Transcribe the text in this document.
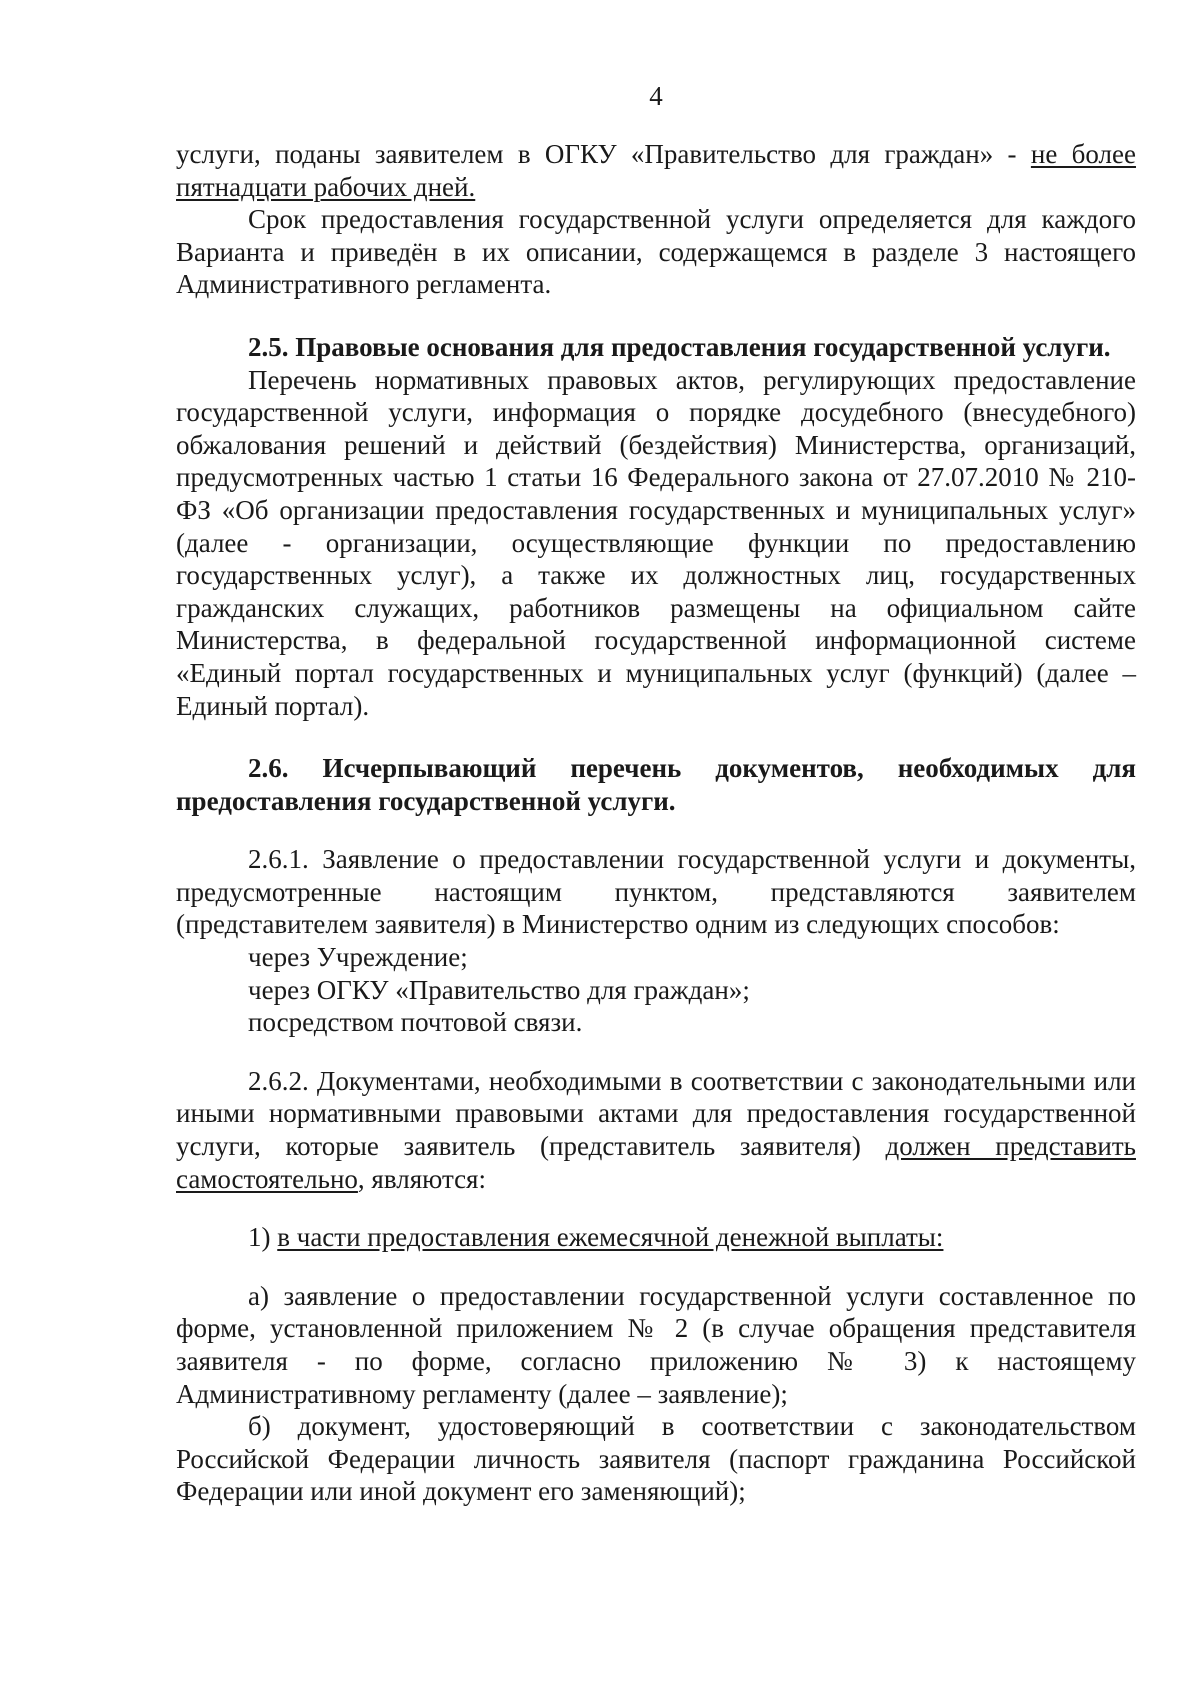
4

услуги, поданы заявителем в ОГКУ «Правительство для граждан» - не более пятнадцати рабочих дней.

Срок предоставления государственной услуги определяется для каждого Варианта и приведён в их описании, содержащемся в разделе 3 настоящего Административного регламента.

2.5. Правовые основания для предоставления государственной услуги.

Перечень нормативных правовых актов, регулирующих предоставление государственной услуги, информация о порядке досудебного (внесудебного) обжалования решений и действий (бездействия) Министерства, организаций, предусмотренных частью 1 статьи 16 Федерального закона от 27.07.2010 № 210-ФЗ «Об организации предоставления государственных и муниципальных услуг» (далее - организации, осуществляющие функции по предоставлению государственных услуг), а также их должностных лиц, государственных гражданских служащих, работников размещены на официальном сайте Министерства, в федеральной государственной информационной системе «Единый портал государственных и муниципальных услуг (функций) (далее – Единый портал).

2.6. Исчерпывающий перечень документов, необходимых для предоставления государственной услуги.

2.6.1. Заявление о предоставлении государственной услуги и документы, предусмотренные настоящим пунктом, представляются заявителем (представителем заявителя) в Министерство одним из следующих способов:

через Учреждение;

через ОГКУ «Правительство для граждан»;

посредством почтовой связи.

2.6.2. Документами, необходимыми в соответствии с законодательными или иными нормативными правовыми актами для предоставления государственной услуги, которые заявитель (представитель заявителя) должен представить самостоятельно, являются:

1) в части предоставления ежемесячной денежной выплаты:

а) заявление о предоставлении государственной услуги составленное по форме, установленной приложением № 2 (в случае обращения представителя заявителя - по форме, согласно приложению № 3) к настоящему Административному регламенту (далее – заявление);

б) документ, удостоверяющий в соответствии с законодательством Российской Федерации личность заявителя (паспорт гражданина Российской Федерации или иной документ его заменяющий);
